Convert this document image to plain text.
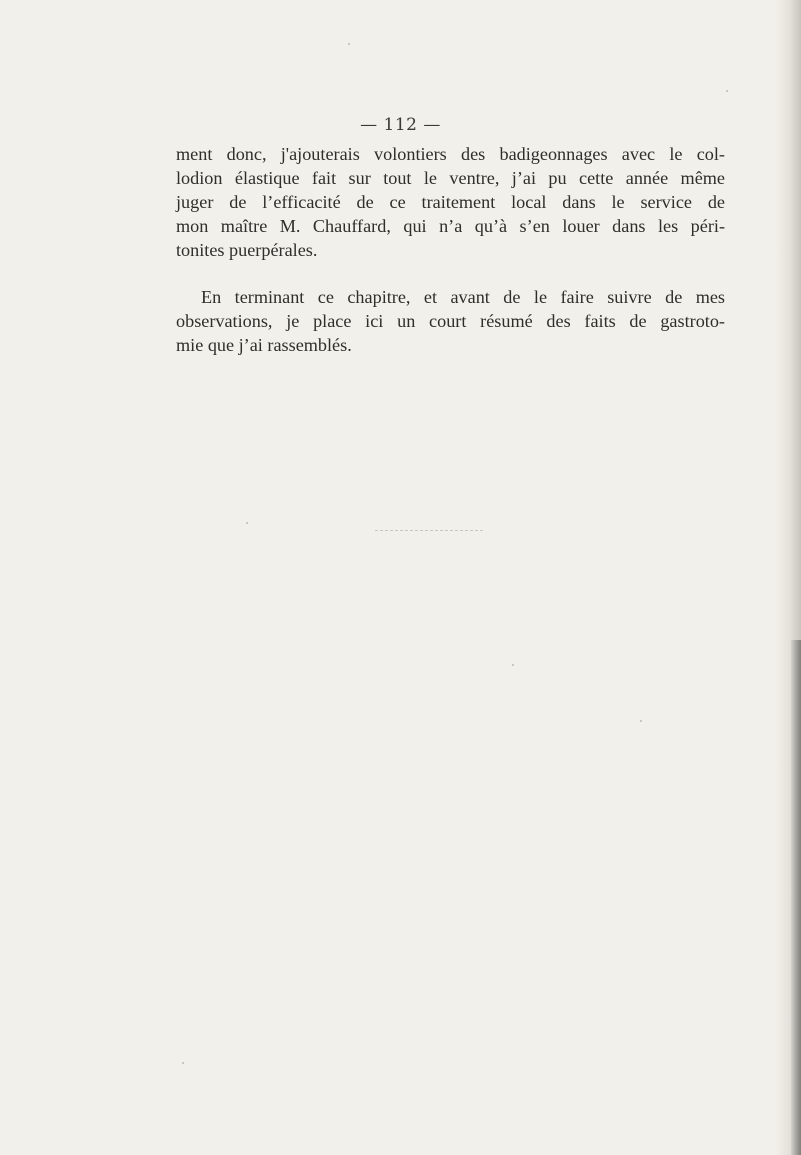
— 112 —
ment donc, j'ajouterais volontiers des badigeonnages avec le col-
lodion élastique fait sur tout le ventre, j’ai pu cette année même
juger de l’efficacité de ce traitement local dans le service de
mon maître M. Chauffard, qui n’a qu’à s’en louer dans les péri-
tonites puerpérales.
En terminant ce chapitre, et avant de le faire suivre de mes
observations, je place ici un court résumé des faits de gastroto-
mie que j’ai rassemblés.
